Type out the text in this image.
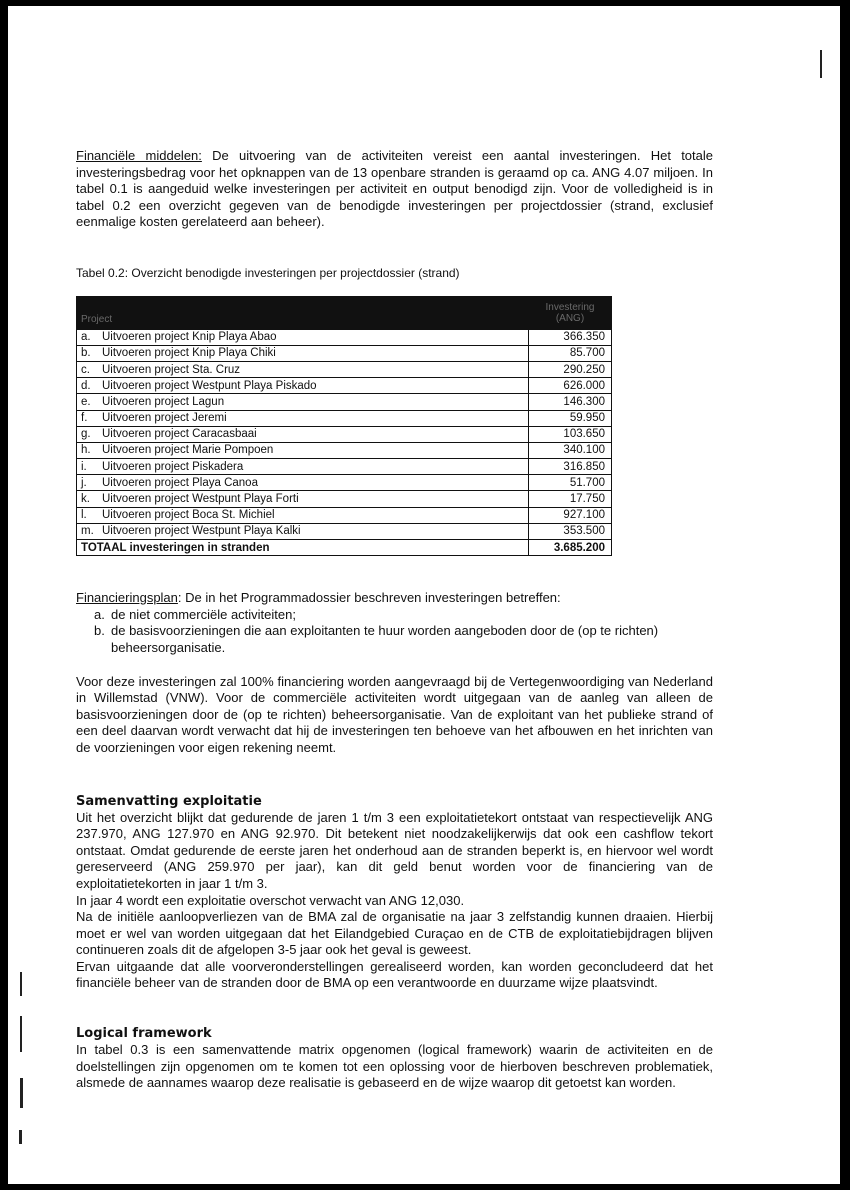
Financiële middelen: De uitvoering van de activiteiten vereist een aantal investeringen. Het totale investeringsbedrag voor het opknappen van de 13 openbare stranden is geraamd op ca. ANG 4.07 miljoen. In tabel 0.1 is aangeduid welke investeringen per activiteit en output benodigd zijn. Voor de volledigheid is in tabel 0.2 een overzicht gegeven van de benodigde investeringen per projectdossier (strand, exclusief eenmalige kosten gerelateerd aan beheer).

Tabel 0.2: Overzicht benodigde investeringen per projectdossier (strand)
Project	Investering (ANG)
a. Uitvoeren project Knip Playa Abao	366.350
b. Uitvoeren project Knip Playa Chiki	85.700
c. Uitvoeren project Sta. Cruz	290.250
d. Uitvoeren project Westpunt Playa Piskado	626.000
e. Uitvoeren project Lagun	146.300
f. Uitvoeren project Jeremi	59.950
g. Uitvoeren project Caracasbaai	103.650
h. Uitvoeren project Marie Pompoen	340.100
i. Uitvoeren project Piskadera	316.850
j. Uitvoeren project Playa Canoa	51.700
k. Uitvoeren project Westpunt Playa Forti	17.750
l. Uitvoeren project Boca St. Michiel	927.100
m. Uitvoeren project Westpunt Playa Kalki	353.500
TOTAAL investeringen in stranden	3.685.200

Financieringsplan: De in het Programmadossier beschreven investeringen betreffen:

a. de niet commerciële activiteiten;
b. de basisvoorzieningen die aan exploitanten te huur worden aangeboden door de (op te richten) beheersorganisatie.

Voor deze investeringen zal 100% financiering worden aangevraagd bij de Vertegenwoordiging van Nederland in Willemstad (VNW). Voor de commerciële activiteiten wordt uitgegaan van de aanleg van alleen de basisvoorzieningen door de (op te richten) beheersorganisatie. Van de exploitant van het publieke strand of een deel daarvan wordt verwacht dat hij de investeringen ten behoeve van het afbouwen en het inrichten van de voorzieningen voor eigen rekening neemt.

Samenvatting exploitatie

Uit het overzicht blijkt dat gedurende de jaren 1 t/m 3 een exploitatietekort ontstaat van respectievelijk ANG 237.970, ANG 127.970 en ANG 92.970. Dit betekent niet noodzakelijkerwijs dat ook een cashflow tekort ontstaat. Omdat gedurende de eerste jaren het onderhoud aan de stranden beperkt is, en hiervoor wel wordt gereserveerd (ANG 259.970 per jaar), kan dit geld benut worden voor de financiering van de exploitatietekorten in jaar 1 t/m 3.

In jaar 4 wordt een exploitatie overschot verwacht van ANG 12,030.

Na de initiële aanloopverliezen van de BMA zal de organisatie na jaar 3 zelfstandig kunnen draaien. Hierbij moet er wel van worden uitgegaan dat het Eilandgebied Curaçao en de CTB de exploitatiebijdragen blijven continueren zoals dit de afgelopen 3-5 jaar ook het geval is geweest.

Ervan uitgaande dat alle voorveronderstellingen gerealiseerd worden, kan worden geconcludeerd dat het financiële beheer van de stranden door de BMA op een verantwoorde en duurzame wijze plaatsvindt.

Logical framework

In tabel 0.3 is een samenvattende matrix opgenomen (logical framework) waarin de activiteiten en de doelstellingen zijn opgenomen om te komen tot een oplossing voor de hierboven beschreven problematiek, alsmede de aannames waarop deze realisatie is gebaseerd en de wijze waarop dit getoetst kan worden.
